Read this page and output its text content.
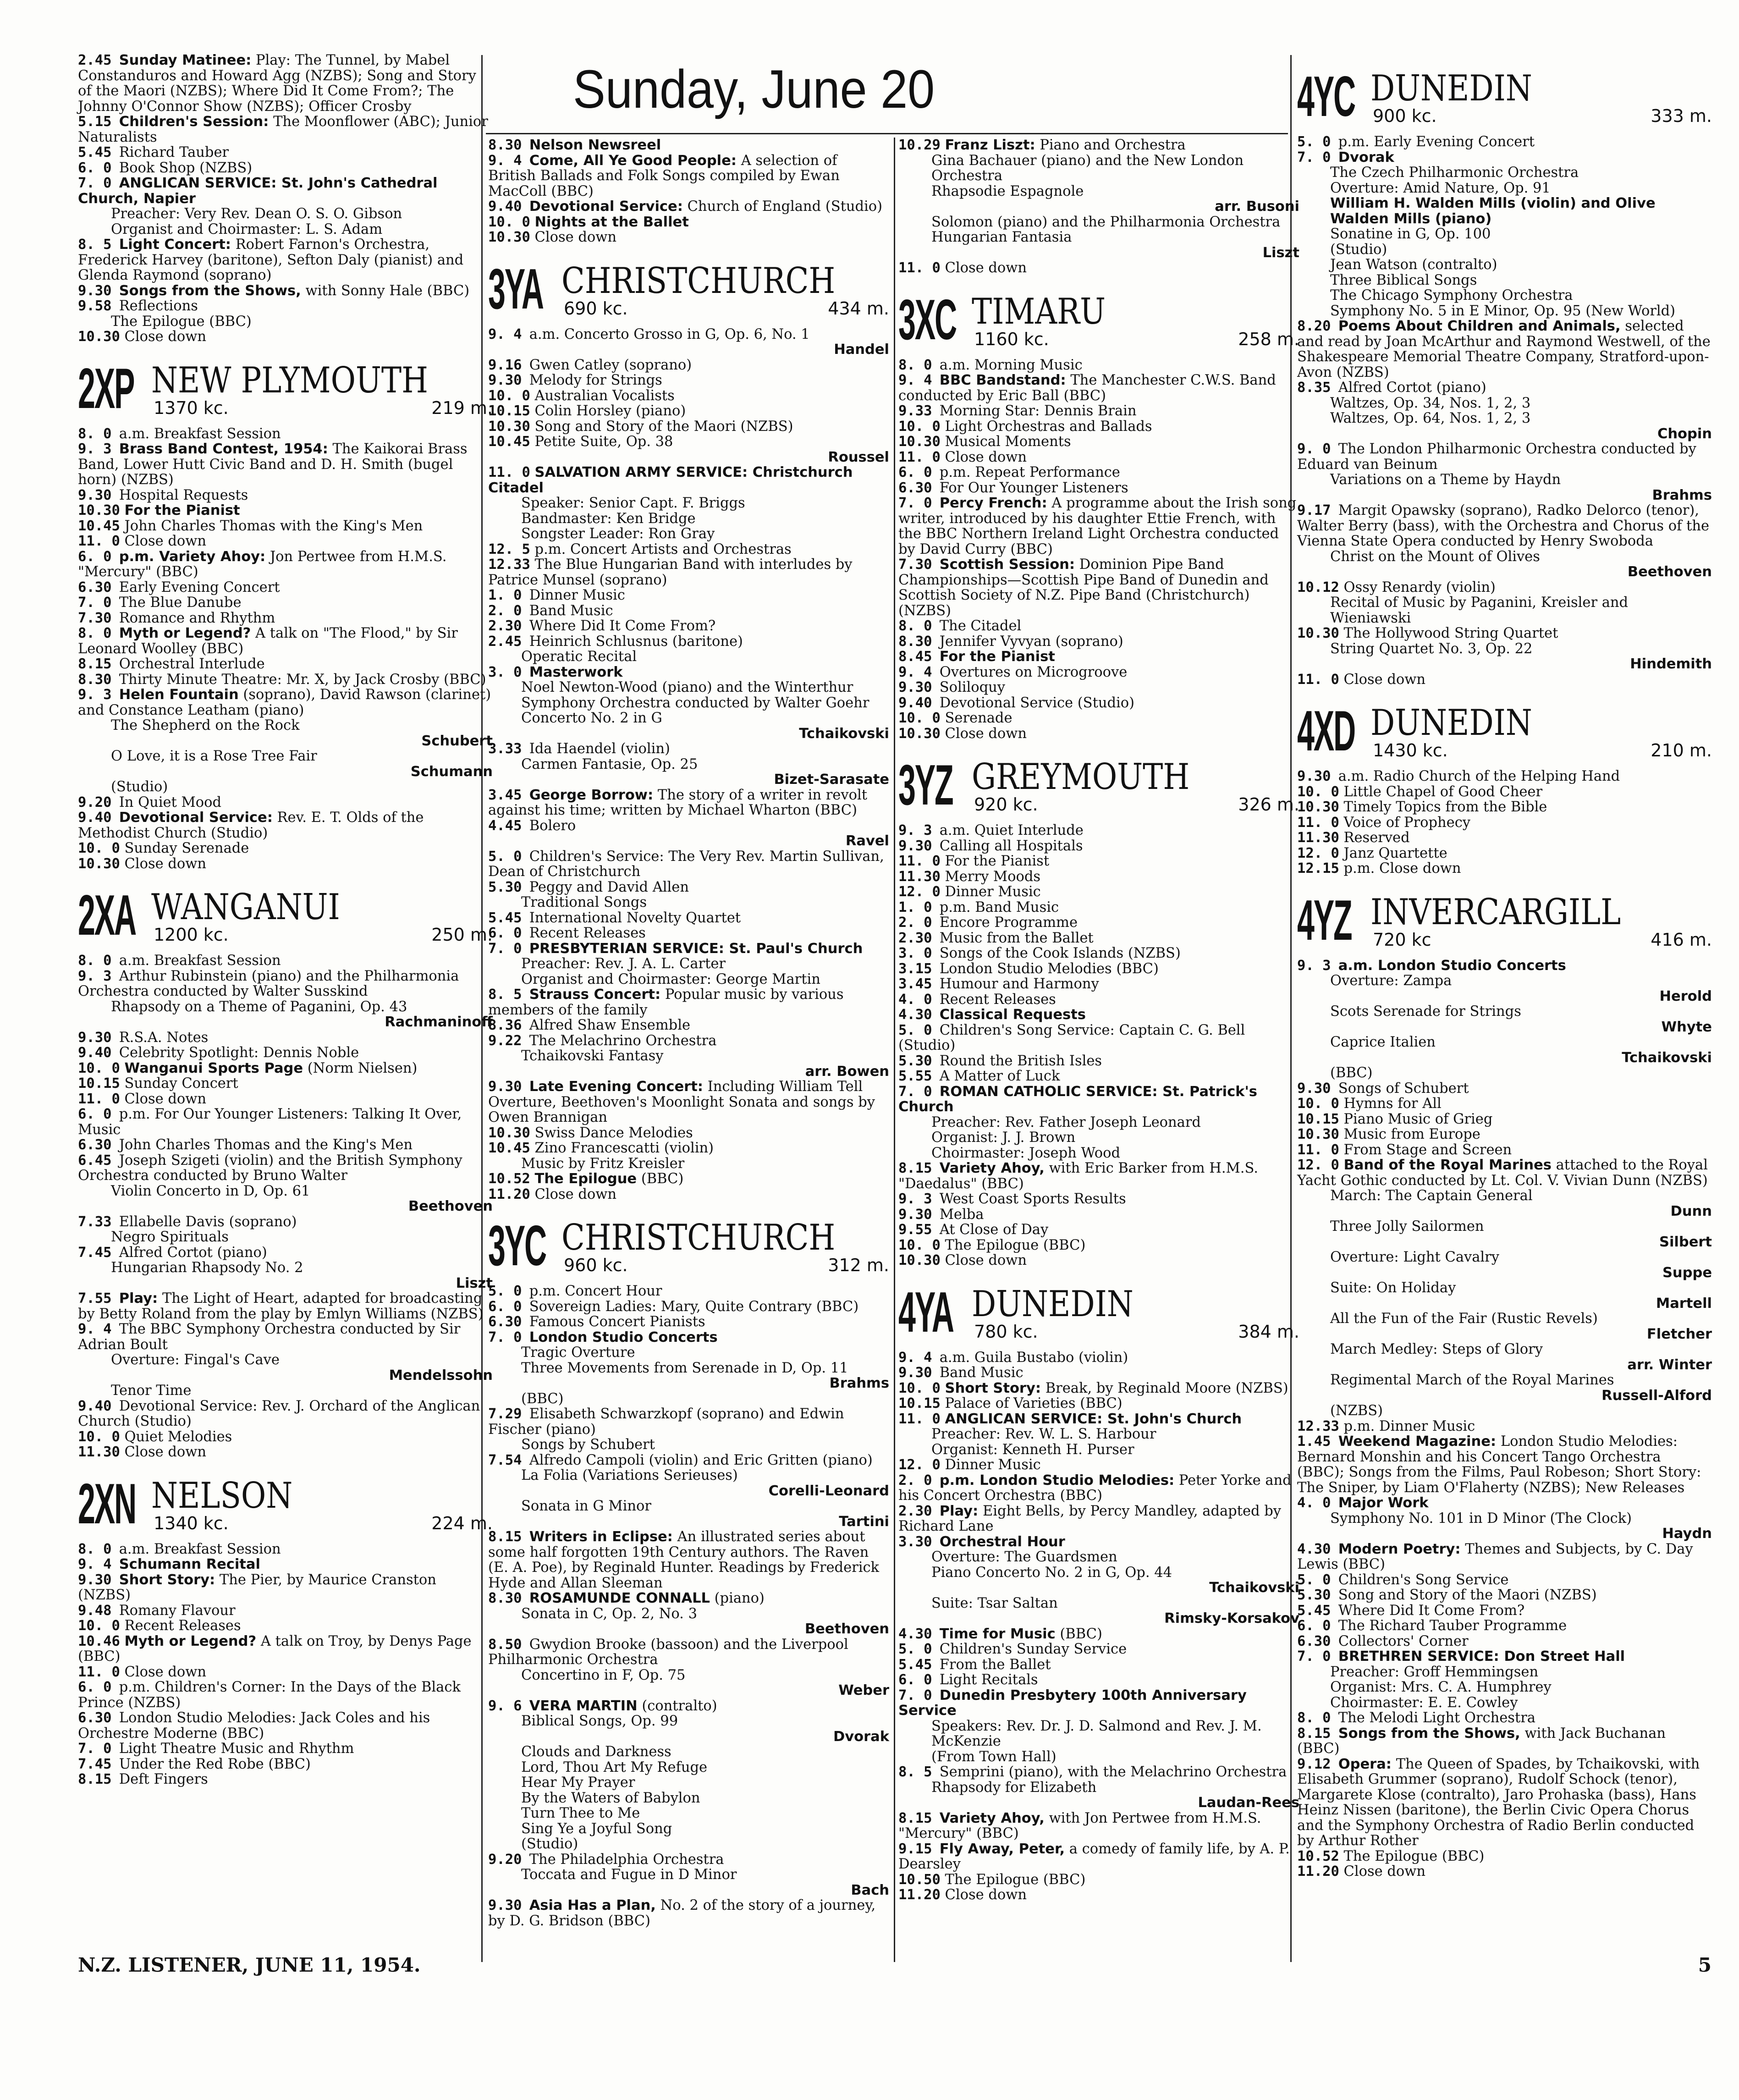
Sunday, June 20

2.45 Sunday Matinee: Play: The Tunnel, by Mabel Constanduros and Howard Agg (NZBS); Song and Story of the Maori (NZBS); Where Did It Come From?; The Johnny O'Connor Show (NZBS); Officer Crosby

5.15 Children's Session: The Moonflower (ABC); Junior Naturalists

5.45 Richard Tauber

6. 0 Book Shop (NZBS)

7. 0 ANGLICAN SERVICE: St. John's Cathedral Church, Napier

Preacher: Very Rev. Dean O. S. O. Gibson

Organist and Choirmaster: L. S. Adam

8. 5 Light Concert: Robert Farnon's Orchestra, Frederick Harvey (baritone), Sefton Daly (pianist) and Glenda Raymond (soprano)

9.30 Songs from the Shows, with Sonny Hale (BBC)

9.58 Reflections

The Epilogue (BBC)

10.30 Close down

2XP NEW PLYMOUTH
1370 kc.	219 m.

8. 0 a.m. Breakfast Session

9. 3 Brass Band Contest, 1954: The Kaikorai Brass Band, Lower Hutt Civic Band and D. H. Smith (bugel horn) (NZBS)

9.30 Hospital Requests

10.30 For the Pianist

10.45 John Charles Thomas with the King's Men

11. 0 Close down

6. 0 p.m. Variety Ahoy: Jon Pertwee from H.M.S. "Mercury" (BBC)

6.30 Early Evening Concert

7. 0 The Blue Danube

7.30 Romance and Rhythm

8. 0 Myth or Legend? A talk on "The Flood," by Sir Leonard Woolley (BBC)

8.15 Orchestral Interlude

8.30 Thirty Minute Theatre: Mr. X, by Jack Crosby (BBC)

9. 3 Helen Fountain (soprano), David Rawson (clarinet) and Constance Leatham (piano)

The Shepherd on the Rock

Schubert

O Love, it is a Rose Tree Fair

Schumann

(Studio)

9.20 In Quiet Mood

9.40 Devotional Service: Rev. E. T. Olds of the Methodist Church (Studio)

10. 0 Sunday Serenade

10.30 Close down

2XA WANGANUI
1200 kc.	250 m.

8. 0 a.m. Breakfast Session

9. 3 Arthur Rubinstein (piano) and the Philharmonia Orchestra conducted by Walter Susskind

Rhapsody on a Theme of Paganini, Op. 43

Rachmaninoff

9.30 R.S.A. Notes

9.40 Celebrity Spotlight: Dennis Noble

10. 0 Wanganui Sports Page (Norm Nielsen)

10.15 Sunday Concert

11. 0 Close down

6. 0 p.m. For Our Younger Listeners: Talking It Over, Music

6.30 John Charles Thomas and the King's Men

6.45 Joseph Szigeti (violin) and the British Symphony Orchestra conducted by Bruno Walter

Violin Concerto in D, Op. 61

Beethoven

7.33 Ellabelle Davis (soprano)

Negro Spirituals

7.45 Alfred Cortot (piano)

Hungarian Rhapsody No. 2

Liszt

7.55 Play: The Light of Heart, adapted for broadcasting by Betty Roland from the play by Emlyn Williams (NZBS)

9. 4 The BBC Symphony Orchestra conducted by Sir Adrian Boult

Overture: Fingal's Cave

Mendelssohn

Tenor Time

9.40 Devotional Service: Rev. J. Orchard of the Anglican Church (Studio)

10. 0 Quiet Melodies

11.30 Close down

2XN NELSON
1340 kc.	224 m.

8. 0 a.m. Breakfast Session

9. 4 Schumann Recital

9.30 Short Story: The Pier, by Maurice Cranston (NZBS)

9.48 Romany Flavour

10. 0 Recent Releases

10.46 Myth or Legend? A talk on Troy, by Denys Page (BBC)

11. 0 Close down

6. 0 p.m. Children's Corner: In the Days of the Black Prince (NZBS)

6.30 London Studio Melodies: Jack Coles and his Orchestre Moderne (BBC)

7. 0 Light Theatre Music and Rhythm

7.45 Under the Red Robe (BBC)

8.15 Deft Fingers

8.30 Nelson Newsreel

9. 4 Come, All Ye Good People: A selection of British Ballads and Folk Songs compiled by Ewan MacColl (BBC)

9.40 Devotional Service: Church of England (Studio)

10. 0 Nights at the Ballet

10.30 Close down

3YA CHRISTCHURCH
690 kc.	434 m.

9. 4 a.m. Concerto Grosso in G, Op. 6, No. 1

Handel

9.16 Gwen Catley (soprano)

9.30 Melody for Strings

10. 0 Australian Vocalists

10.15 Colin Horsley (piano)

10.30 Song and Story of the Maori (NZBS)

10.45 Petite Suite, Op. 38

Roussel

11. 0 SALVATION ARMY SERVICE: Christchurch Citadel

Speaker: Senior Capt. F. Briggs

Bandmaster: Ken Bridge

Songster Leader: Ron Gray

12. 5 p.m. Concert Artists and Orchestras

12.33 The Blue Hungarian Band with interludes by Patrice Munsel (soprano)

1. 0 Dinner Music

2. 0 Band Music

2.30 Where Did It Come From?

2.45 Heinrich Schlusnus (baritone)

Operatic Recital

3. 0 Masterwork

Noel Newton-Wood (piano) and the Winterthur Symphony Orchestra conducted by Walter Goehr

Concerto No. 2 in G

Tchaikovski

3.33 Ida Haendel (violin)

Carmen Fantasie, Op. 25

Bizet-Sarasate

3.45 George Borrow: The story of a writer in revolt against his time; written by Michael Wharton (BBC)

4.45 Bolero

Ravel

5. 0 Children's Service: The Very Rev. Martin Sullivan, Dean of Christchurch

5.30 Peggy and David Allen

Traditional Songs

5.45 International Novelty Quartet

6. 0 Recent Releases

7. 0 PRESBYTERIAN SERVICE: St. Paul's Church

Preacher: Rev. J. A. L. Carter

Organist and Choirmaster: George Martin

8. 5 Strauss Concert: Popular music by various members of the family

8.36 Alfred Shaw Ensemble

9.22 The Melachrino Orchestra

Tchaikovski Fantasy

arr. Bowen

9.30 Late Evening Concert: Including William Tell Overture, Beethoven's Moonlight Sonata and songs by Owen Brannigan

10.30 Swiss Dance Melodies

10.45 Zino Francescatti (violin)

Music by Fritz Kreisler

10.52 The Epilogue (BBC)

11.20 Close down

3YC CHRISTCHURCH
960 kc.	312 m.

5. 0 p.m. Concert Hour

6. 0 Sovereign Ladies: Mary, Quite Contrary (BBC)

6.30 Famous Concert Pianists

7. 0 London Studio Concerts

Tragic Overture

Three Movements from Serenade in D, Op. 11

Brahms

(BBC)

7.29 Elisabeth Schwarzkopf (soprano) and Edwin Fischer (piano)

Songs by Schubert

7.54 Alfredo Campoli (violin) and Eric Gritten (piano)

La Folia (Variations Serieuses)

Corelli-Leonard

Sonata in G Minor

Tartini

8.15 Writers in Eclipse: An illustrated series about some half forgotten 19th Century authors. The Raven (E. A. Poe), by Reginald Hunter. Readings by Frederick Hyde and Allan Sleeman

8.30 ROSAMUNDE CONNALL (piano)

Sonata in C, Op. 2, No. 3

Beethoven

8.50 Gwydion Brooke (bassoon) and the Liverpool Philharmonic Orchestra

Concertino in F, Op. 75

Weber

9. 6 VERA MARTIN (contralto)

Biblical Songs, Op. 99

Dvorak

Clouds and Darkness

Lord, Thou Art My Refuge

Hear My Prayer

By the Waters of Babylon

Turn Thee to Me

Sing Ye a Joyful Song

(Studio)

9.20 The Philadelphia Orchestra

Toccata and Fugue in D Minor

Bach

9.30 Asia Has a Plan, No. 2 of the story of a journey, by D. G. Bridson (BBC)

10.29 Franz Liszt: Piano and Orchestra

Gina Bachauer (piano) and the New London Orchestra

Rhapsodie Espagnole

arr. Busoni

Solomon (piano) and the Philharmonia Orchestra

Hungarian Fantasia

Liszt

11. 0 Close down

3XC TIMARU
1160 kc.	258 m.

8. 0 a.m. Morning Music

9. 4 BBC Bandstand: The Manchester C.W.S. Band conducted by Eric Ball (BBC)

9.33 Morning Star: Dennis Brain

10. 0 Light Orchestras and Ballads

10.30 Musical Moments

11. 0 Close down

6. 0 p.m. Repeat Performance

6.30 For Our Younger Listeners

7. 0 Percy French: A programme about the Irish song writer, introduced by his daughter Ettie French, with the BBC Northern Ireland Light Orchestra conducted by David Curry (BBC)

7.30 Scottish Session: Dominion Pipe Band Championships—Scottish Pipe Band of Dunedin and Scottish Society of N.Z. Pipe Band (Christchurch) (NZBS)

8. 0 The Citadel

8.30 Jennifer Vyvyan (soprano)

8.45 For the Pianist

9. 4 Overtures on Microgroove

9.30 Soliloquy

9.40 Devotional Service (Studio)

10. 0 Serenade

10.30 Close down

3YZ GREYMOUTH
920 kc.	326 m.

9. 3 a.m. Quiet Interlude

9.30 Calling all Hospitals

11. 0 For the Pianist

11.30 Merry Moods

12. 0 Dinner Music

1. 0 p.m. Band Music

2. 0 Encore Programme

2.30 Music from the Ballet

3. 0 Songs of the Cook Islands (NZBS)

3.15 London Studio Melodies (BBC)

3.45 Humour and Harmony

4. 0 Recent Releases

4.30 Classical Requests

5. 0 Children's Song Service: Captain C. G. Bell (Studio)

5.30 Round the British Isles

5.55 A Matter of Luck

7. 0 ROMAN CATHOLIC SERVICE: St. Patrick's Church

Preacher: Rev. Father Joseph Leonard

Organist: J. J. Brown

Choirmaster: Joseph Wood

8.15 Variety Ahoy, with Eric Barker from H.M.S. "Daedalus" (BBC)

9. 3 West Coast Sports Results

9.30 Melba

9.55 At Close of Day

10. 0 The Epilogue (BBC)

10.30 Close down

4YA DUNEDIN
780 kc.	384 m.

9. 4 a.m. Guila Bustabo (violin)

9.30 Band Music

10. 0 Short Story: Break, by Reginald Moore (NZBS)

10.15 Palace of Varieties (BBC)

11. 0 ANGLICAN SERVICE: St. John's Church

Preacher: Rev. W. L. S. Harbour

Organist: Kenneth H. Purser

12. 0 Dinner Music

2. 0 p.m. London Studio Melodies: Peter Yorke and his Concert Orchestra (BBC)

2.30 Play: Eight Bells, by Percy Mandley, adapted by Richard Lane

3.30 Orchestral Hour

Overture: The Guardsmen

Piano Concerto No. 2 in G, Op. 44

Tchaikovski

Suite: Tsar Saltan

Rimsky-Korsakov

4.30 Time for Music (BBC)

5. 0 Children's Sunday Service

5.45 From the Ballet

6. 0 Light Recitals

7. 0 Dunedin Presbytery 100th Anniversary Service

Speakers: Rev. Dr. J. D. Salmond and Rev. J. M. McKenzie

(From Town Hall)

8. 5 Semprini (piano), with the Melachrino Orchestra

Rhapsody for Elizabeth

Laudan-Rees

8.15 Variety Ahoy, with Jon Pertwee from H.M.S. "Mercury" (BBC)

9.15 Fly Away, Peter, a comedy of family life, by A. P. Dearsley

10.50 The Epilogue (BBC)

11.20 Close down

4YC DUNEDIN
900 kc.	333 m.

5. 0 p.m. Early Evening Concert

7. 0 Dvorak

The Czech Philharmonic Orchestra

Overture: Amid Nature, Op. 91

William H. Walden Mills (violin) and Olive Walden Mills (piano)

Sonatine in G, Op. 100

(Studio)

Jean Watson (contralto)

Three Biblical Songs

The Chicago Symphony Orchestra

Symphony No. 5 in E Minor, Op. 95 (New World)

8.20 Poems About Children and Animals, selected and read by Joan McArthur and Raymond Westwell, of the Shakespeare Memorial Theatre Company, Stratford-upon-Avon (NZBS)

8.35 Alfred Cortot (piano)

Waltzes, Op. 34, Nos. 1, 2, 3

Waltzes, Op. 64, Nos. 1, 2, 3

Chopin

9. 0 The London Philharmonic Orchestra conducted by Eduard van Beinum

Variations on a Theme by Haydn

Brahms

9.17 Margit Opawsky (soprano), Radko Delorco (tenor), Walter Berry (bass), with the Orchestra and Chorus of the Vienna State Opera conducted by Henry Swoboda

Christ on the Mount of Olives

Beethoven

10.12 Ossy Renardy (violin)

Recital of Music by Paganini, Kreisler and Wieniawski

10.30 The Hollywood String Quartet

String Quartet No. 3, Op. 22

Hindemith

11. 0 Close down

4XD DUNEDIN
1430 kc.	210 m.

9.30 a.m. Radio Church of the Helping Hand

10. 0 Little Chapel of Good Cheer

10.30 Timely Topics from the Bible

11. 0 Voice of Prophecy

11.30 Reserved

12. 0 Janz Quartette

12.15 p.m. Close down

4YZ INVERCARGILL
720 kc	416 m.

9. 3 a.m. London Studio Concerts

Overture: Zampa

Herold

Scots Serenade for Strings

Whyte

Caprice Italien

Tchaikovski

(BBC)

9.30 Songs of Schubert

10. 0 Hymns for All

10.15 Piano Music of Grieg

10.30 Music from Europe

11. 0 From Stage and Screen

12. 0 Band of the Royal Marines attached to the Royal Yacht Gothic conducted by Lt. Col. V. Vivian Dunn (NZBS)

March: The Captain General

Dunn

Three Jolly Sailormen

Silbert

Overture: Light Cavalry

Suppe

Suite: On Holiday

Martell

All the Fun of the Fair (Rustic Revels)

Fletcher

March Medley: Steps of Glory

arr. Winter

Regimental March of the Royal Marines

Russell-Alford

(NZBS)

12.33 p.m. Dinner Music

1.45 Weekend Magazine: London Studio Melodies: Bernard Monshin and his Concert Tango Orchestra (BBC); Songs from the Films, Paul Robeson; Short Story: The Sniper, by Liam O'Flaherty (NZBS); New Releases

4. 0 Major Work

Symphony No. 101 in D Minor (The Clock)

Haydn

4.30 Modern Poetry: Themes and Subjects, by C. Day Lewis (BBC)

5. 0 Children's Song Service

5.30 Song and Story of the Maori (NZBS)

5.45 Where Did It Come From?

6. 0 The Richard Tauber Programme

6.30 Collectors' Corner

7. 0 BRETHREN SERVICE: Don Street Hall

Preacher: Groff Hemmingsen

Organist: Mrs. C. A. Humphrey

Choirmaster: E. E. Cowley

8. 0 The Melodi Light Orchestra

8.15 Songs from the Shows, with Jack Buchanan (BBC)

9.12 Opera: The Queen of Spades, by Tchaikovski, with Elisabeth Grummer (soprano), Rudolf Schock (tenor), Margarete Klose (contralto), Jaro Prohaska (bass), Hans Heinz Nissen (baritone), the Berlin Civic Opera Chorus and the Symphony Orchestra of Radio Berlin conducted by Arthur Rother

10.52 The Epilogue (BBC)

11.20 Close down

N.Z. LISTENER, JUNE 11, 1954.	5
